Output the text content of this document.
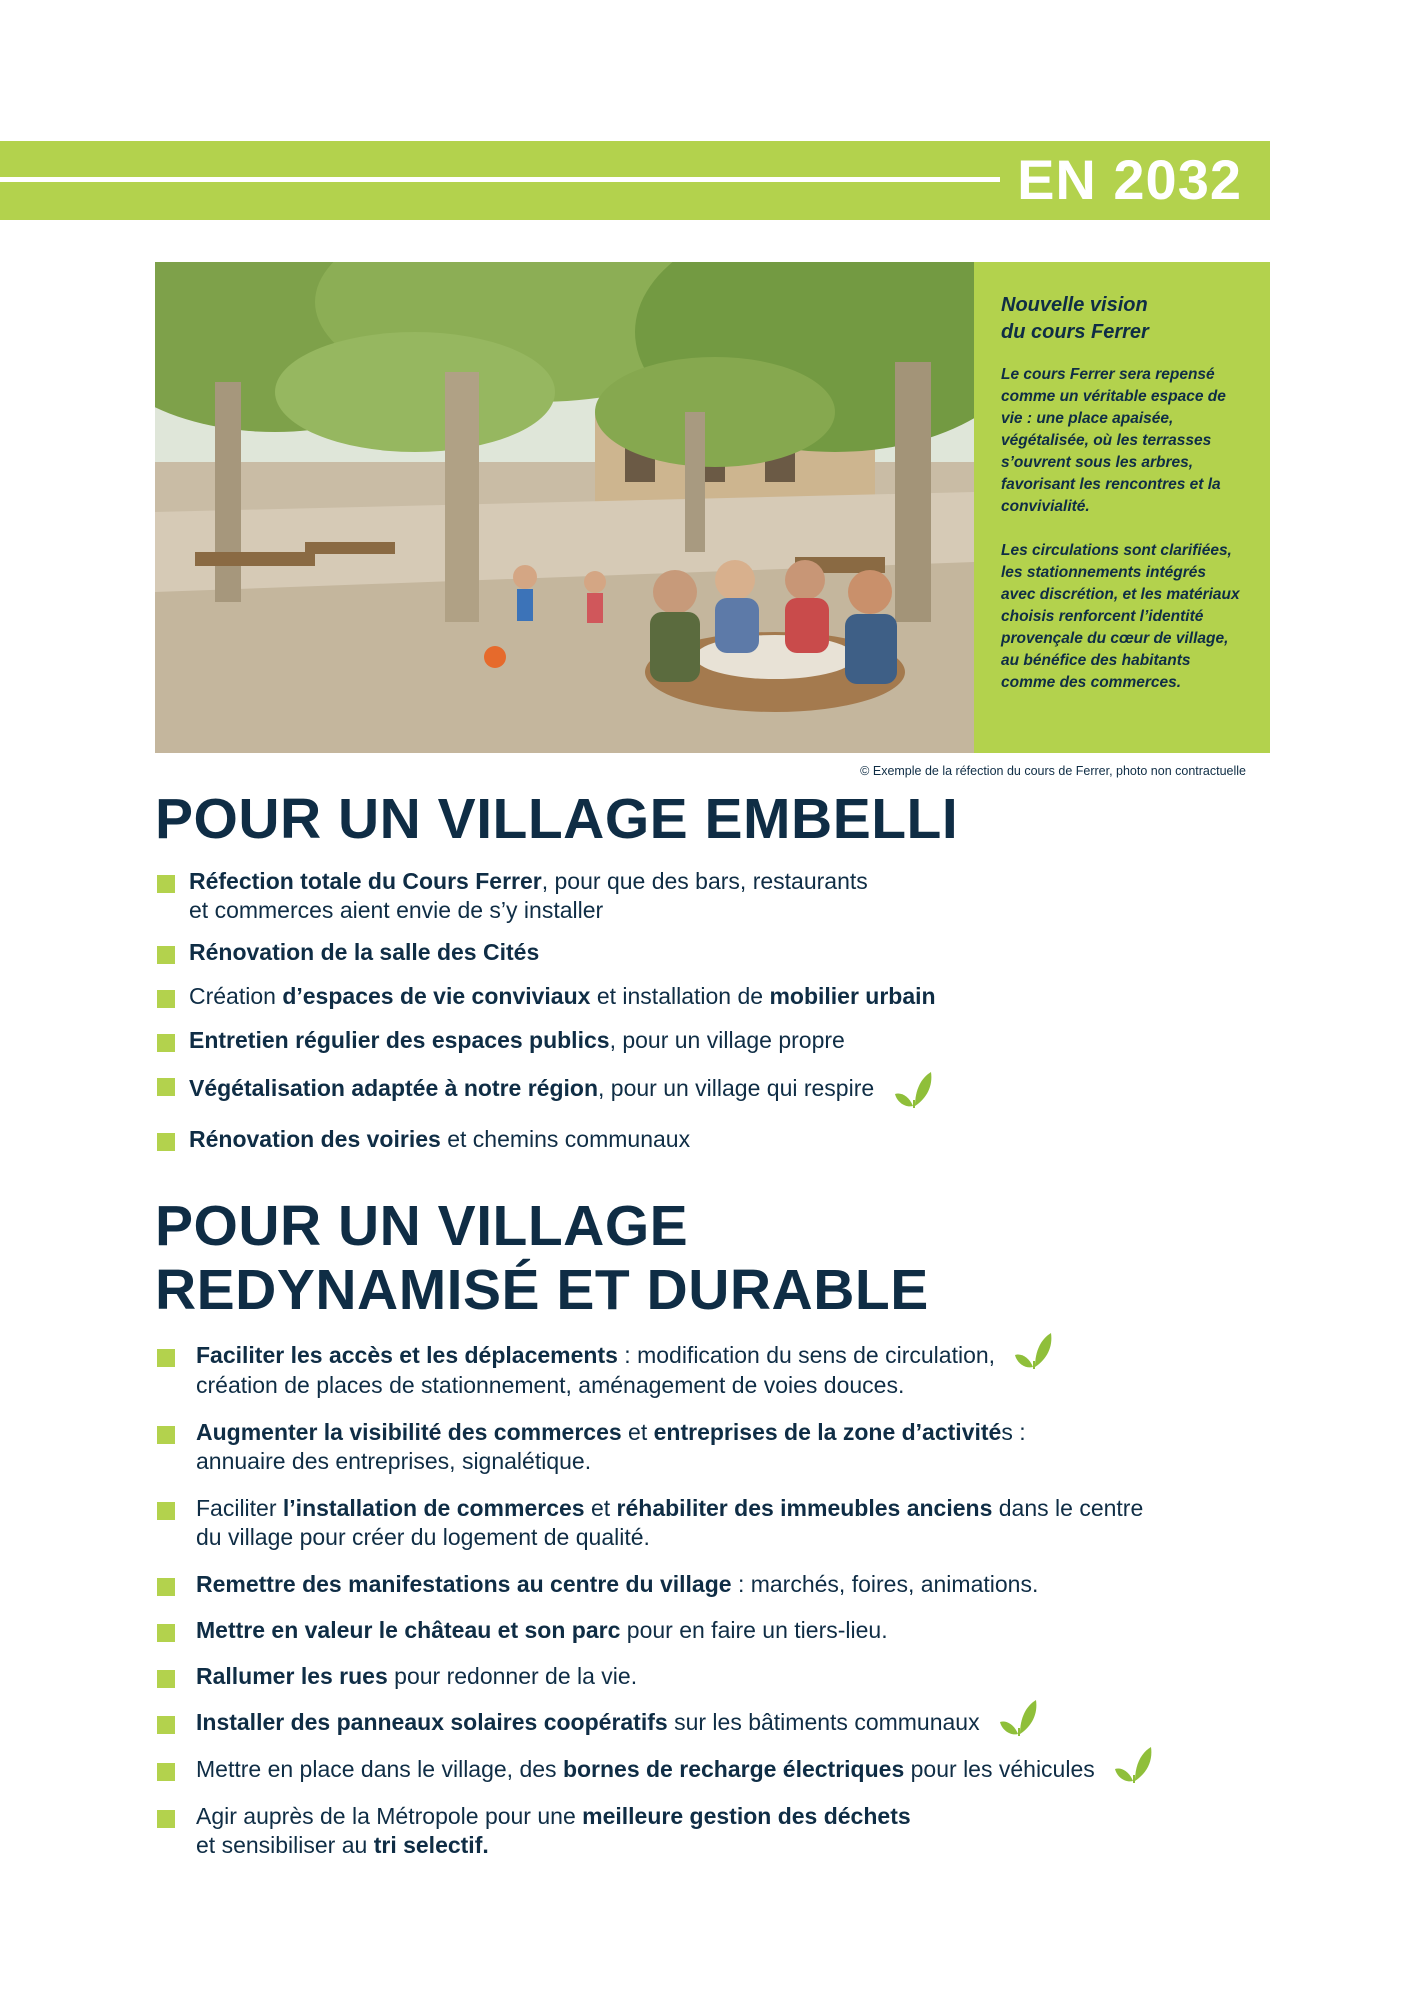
EN 2032
Nouvelle vision
du cours Ferrer
Le cours Ferrer sera repensé comme un véritable espace de vie : une place apaisée, végétalisée, où les terrasses s’ouvrent sous les arbres, favorisant les rencontres et la convivialité.
Les circulations sont clarifiées, les stationnements intégrés avec discrétion, et les matériaux choisis renforcent l’identité provençale du cœur de village, au bénéfice des habitants comme des commerces.
© Exemple de la réfection du cours de Ferrer, photo non contractuelle
POUR UN VILLAGE EMBELLI
Réfection totale du Cours Ferrer, pour que des bars, restaurants
et commerces aient envie de s’y installer
Rénovation de la salle des Cités
Création d’espaces de vie conviviaux et installation de mobilier urbain
Entretien régulier des espaces publics, pour un village propre
Végétalisation adaptée à notre région, pour un village qui respire
Rénovation des voiries et chemins communaux
POUR UN VILLAGE
REDYNAMISÉ ET DURABLE
Faciliter les accès et les déplacements : modification du sens de circulation,
création de places de stationnement, aménagement de voies douces.
Augmenter la visibilité des commerces et entreprises de la zone d’activités :
annuaire des entreprises, signalétique.
Faciliter l’installation de commerces et réhabiliter des immeubles anciens dans le centre
du village pour créer du logement de qualité.
Remettre des manifestations au centre du village : marchés, foires, animations.
Mettre en valeur le château et son parc pour en faire un tiers-lieu.
Rallumer les rues pour redonner de la vie.
Installer des panneaux solaires coopératifs sur les bâtiments communaux
Mettre en place dans le village, des bornes de recharge électriques pour les véhicules
Agir auprès de la Métropole pour une meilleure gestion des déchets
et sensibiliser au tri selectif.
